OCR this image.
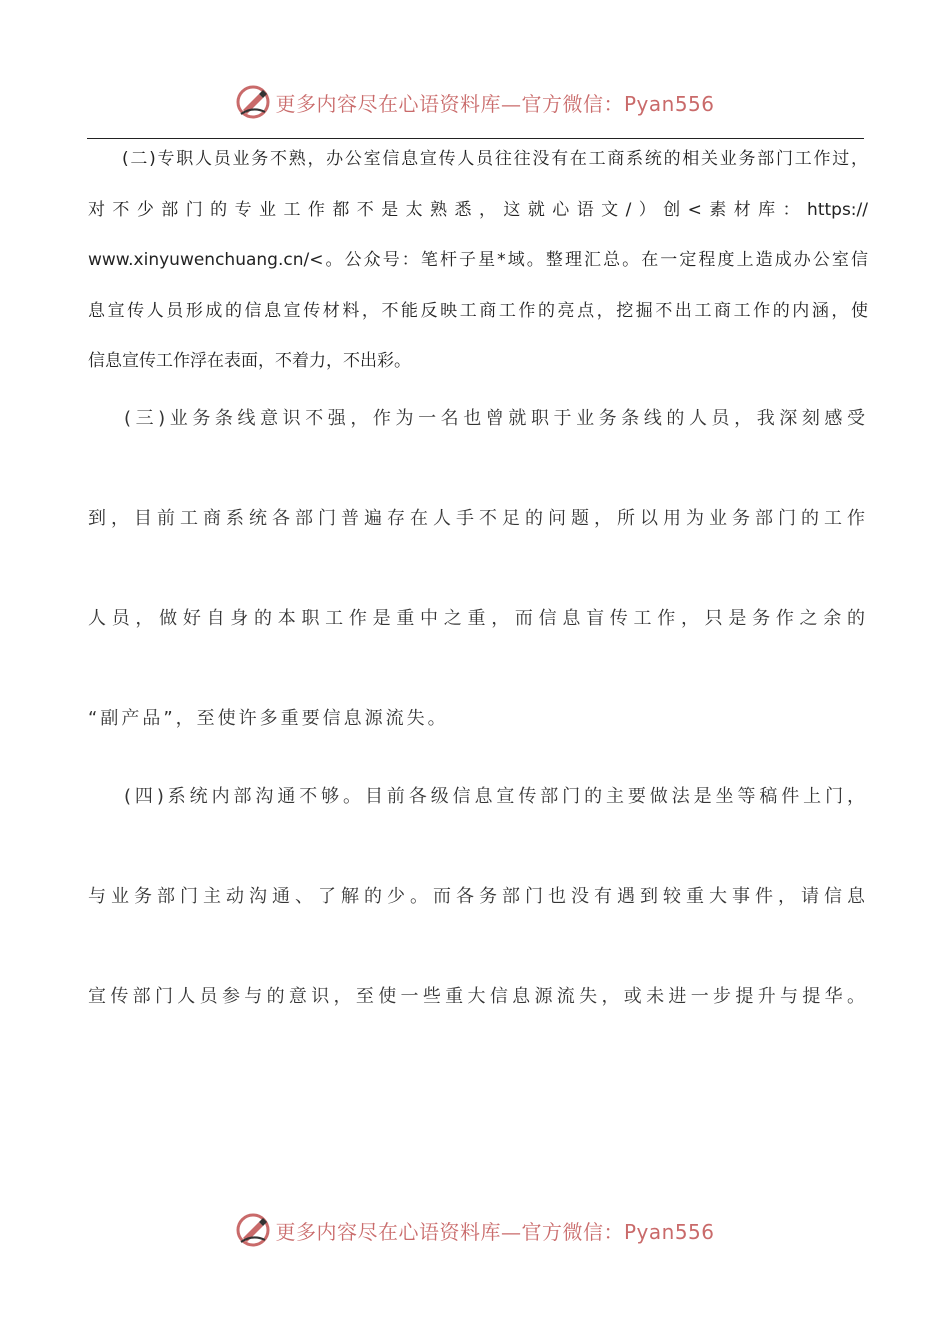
更多内容尽在心语资料库—官方微信：Pyan556
(二)专职人员业务不熟，办公室信息宣传人员往往没有在工商系统的相关业务部门工作过，
对不少部门的专业工作都不是太熟悉，这就心语文/）创<素材库：https://
www.xinyuwenchuang.cn/<。公众号：笔杆子星*域。整理汇总。在一定程度上造成办公室信
息宣传人员形成的信息宣传材料，不能反映工商工作的亮点，挖掘不出工商工作的内涵，使
信息宣传工作浮在表面，不着力，不出彩。
(三)业务条线意识不强，作为一名也曾就职于业务条线的人员，我深刻感受
到，目前工商系统各部门普遍存在人手不足的问题，所以用为业务部门的工作
人员，做好自身的本职工作是重中之重，而信息盲传工作，只是务作之余的
“副产品”，至使许多重要信息源流失。
(四)系统内部沟通不够。目前各级信息宣传部门的主要做法是坐等稿件上门，
与业务部门主动沟通、了解的少。而各务部门也没有遇到较重大事件，请信息
宣传部门人员参与的意识，至使一些重大信息源流失，或未进一步提升与提华。
更多内容尽在心语资料库—官方微信：Pyan556
